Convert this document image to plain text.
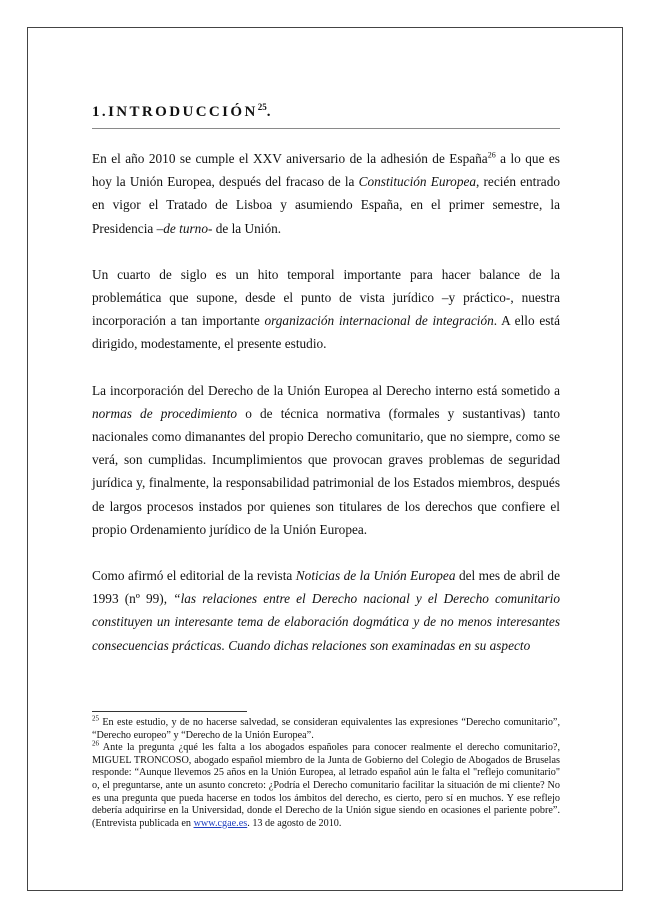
1.INTRODUCCIÓN$^{25}$.

En el año 2010 se cumple el XXV aniversario de la adhesión de España$^{26}$ a lo que es hoy la Unión Europea, después del fracaso de la Constitución Europea, recién entrado en vigor el Tratado de Lisboa y asumiendo España, en el primer semestre, la Presidencia –de turno- de la Unión.

Un cuarto de siglo es un hito temporal importante para hacer balance de la problemática que supone, desde el punto de vista jurídico –y práctico-, nuestra incorporación a tan importante organización internacional de integración. A ello está dirigido, modestamente, el presente estudio.

La incorporación del Derecho de la Unión Europea al Derecho interno está sometido a normas de procedimiento o de técnica normativa (formales y sustantivas) tanto nacionales como dimanantes del propio Derecho comunitario, que no siempre, como se verá, son cumplidas. Incumplimientos que provocan graves problemas de seguridad jurídica y, finalmente, la responsabilidad patrimonial de los Estados miembros, después de largos procesos instados por quienes son titulares de los derechos que confiere el propio Ordenamiento jurídico de la Unión Europea.

Como afirmó el editorial de la revista Noticias de la Unión Europea del mes de abril de 1993 (nº 99), “las relaciones entre el Derecho nacional y el Derecho comunitario constituyen un interesante tema de elaboración dogmática y de no menos interesantes consecuencias prácticas. Cuando dichas relaciones son examinadas en su aspecto

$^{25}$ En este estudio, y de no hacerse salvedad, se consideran equivalentes las expresiones “Derecho comunitario”, “Derecho europeo” y “Derecho de la Unión Europea”.

$^{26}$ Ante la pregunta ¿qué les falta a los abogados españoles para conocer realmente el derecho comunitario?, MIGUEL TRONCOSO, abogado español miembro de la Junta de Gobierno del Colegio de Abogados de Bruselas responde: “Aunque llevemos 25 años en la Unión Europea, al letrado español aún le falta el "reflejo comunitario" o, el preguntarse, ante un asunto concreto: ¿Podría el Derecho comunitario facilitar la situación de mi cliente? No es una pregunta que pueda hacerse en todos los ámbitos del derecho, es cierto, pero sí en muchos. Y ese reflejo debería adquirirse en la Universidad, donde el Derecho de la Unión sigue siendo en ocasiones el pariente pobre”. (Entrevista publicada en www.cgae.es. 13 de agosto de 2010.
